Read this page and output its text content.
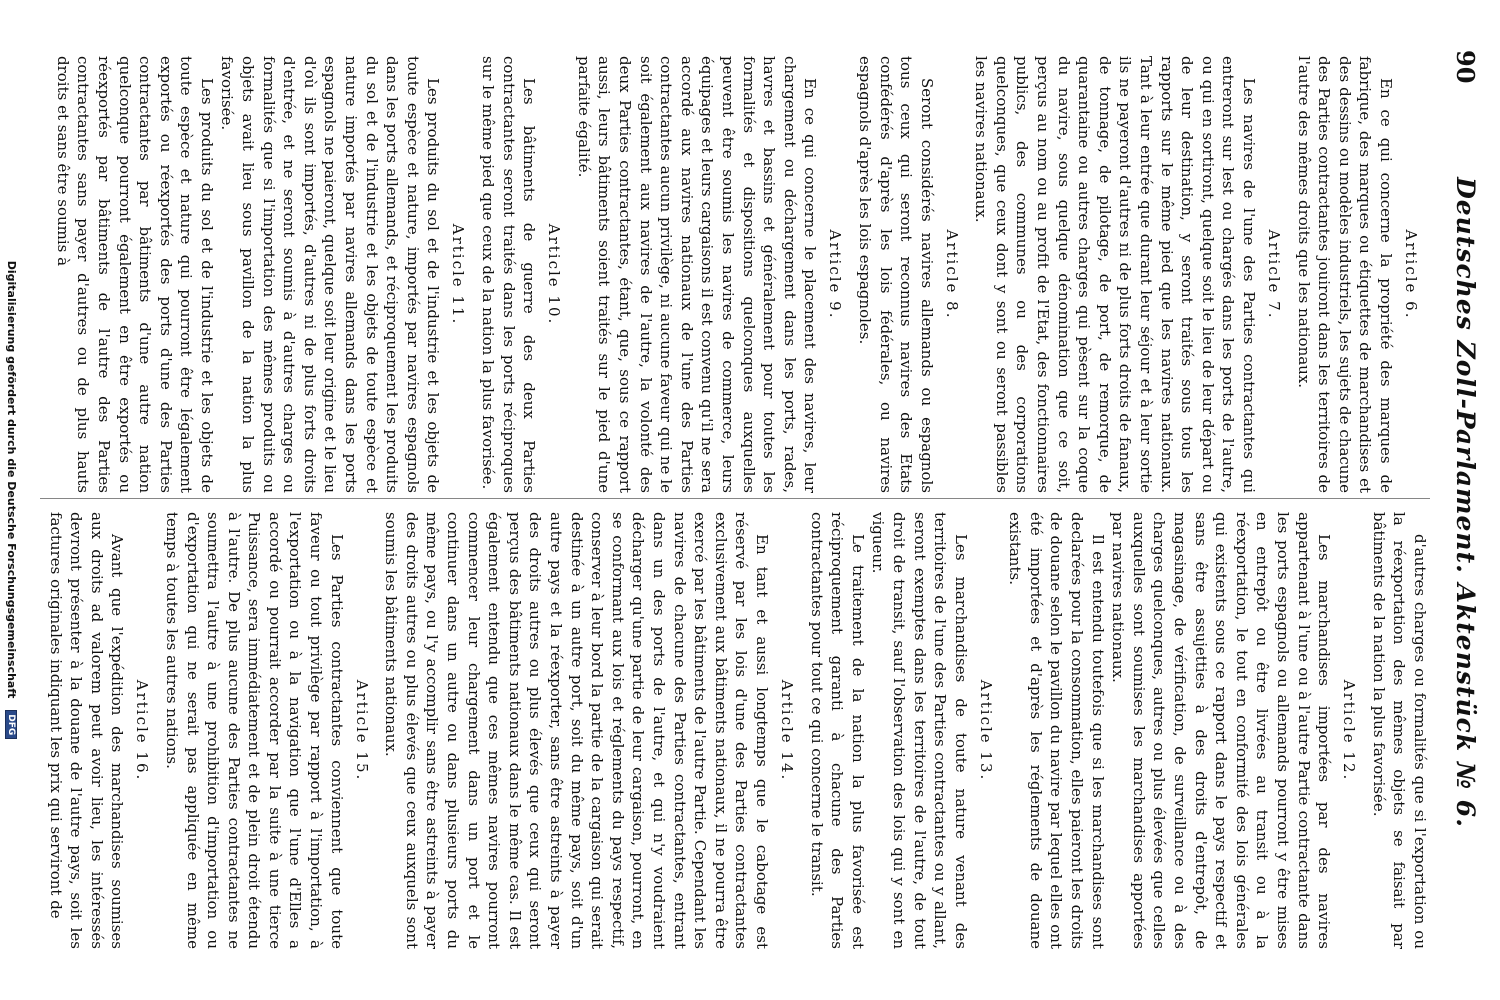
90
Deutsches Zoll-Parlament. Aktenstück № 6.
Article 6.

En ce qui concerne la propriété des marques de fabrique, des marques ou étiquettes de marchandises et des dessins ou modèles industriels, les sujets de chacune des Parties contractantes jouiront dans les territoires de l'autre des mêmes droits que les nationaux.

Article 7.

Les navires de l'une des Parties contractantes qui entreront sur lest ou chargés dans les ports de l'autre, ou qui en sortiront, quelque soit le lieu de leur départ ou de leur destination, y seront traités sous tous les rapports sur le même pied que les navires nationaux. Tant à leur entrée que durant leur séjour et à leur sortie ils ne payeront d'autres ni de plus forts droits de fanaux, de tonnage, de pilotage, de port, de remorque, de quarantaine ou autres charges qui pèsent sur la coque du navire, sous quelque dénomination que ce soit, perçus au nom ou au profit de l'Etat, des fonctionnaires publics, des communes ou des corporations quelconques, que ceux dont y sont ou seront passibles les navires nationaux.

Article 8.

Seront considérés navires allemands ou espagnols tous ceux qui seront reconnus navires des Etats confédérés d'après les lois fédérales, ou navires espagnols d'après les lois espagnoles.

Article 9.

En ce qui concerne le placement des navires, leur chargement ou déchargement dans les ports, rades, havres et bassins et généralement pour toutes les formalités et dispositions quelconques auxquelles peuvent être soumis les navires de commerce, leurs équipages et leurs cargaisons il est convenu qu'il ne sera accordé aux navires nationaux de l'une des Parties contractantes aucun privilège, ni aucune faveur qui ne le soit également aux navires de l'autre, la volonté des deux Parties contractantes, étant, que, sous ce rapport aussi, leurs bâtiments soient traités sur le pied d'une parfaite égalité.

Article 10.

Les bâtiments de guerre des deux Parties contractantes seront traités dans les ports réciproques sur le même pied que ceux de la nation la plus favorisée.

Article 11.

Les produits du sol et de l'industrie et les objets de toute espèce et nature, importés par navires espagnols dans les ports allemands, et réciproquement les produits du sol et de l'industrie et les objets de toute espèce et nature importés par navires allemands dans les ports espagnols ne paieront, quelque soit leur origine et le lieu d'où ils sont importés, d'autres ni de plus forts droits d'entrée, et ne seront soumis à d'autres charges ou formalités que si l'importation des mêmes produits ou objets avait lieu sous pavillon de la nation la plus favorisée.

Les produits du sol et de l'industrie et les objets de toute espèce et nature qui pourront être légalement exportés ou réexportés des ports d'une des Parties contractantes par bâtiments d'une autre nation quelconque pourront également en être exportés ou réexportés par bâtiments de l'autre des Parties contractantes sans payer d'autres ou de plus hauts droits et sans être soumis à

d'autres charges ou formalités que si l'exportation ou la réexportation des mêmes objets se faisait par bâtiments de la nation la plus favorisée.

Article 12.

Les marchandises importées par des navires appartenant à l'une ou à l'autre Partie contractante dans les ports espagnols ou allemands pourront y être mises en entrepôt ou être livrées au transit ou à la réexportation, le tout en conformité des lois générales qui existents sous ce rapport dans le pays respectif et sans être assujetties à des droits d'entrepôt, de magasinage, de vérification, de surveillance ou à des charges quelconques, autres ou plus élevées que celles auxquelles sont soumises les marchandises apportées par navires nationaux.

Il est entendu toutefois que si les marchandises sont declarées pour la consommation, elles paieront les droits de douane selon le pavillon du navire par lequel elles ont été importées et d'après les réglements de douane existants.

Article 13.

Les marchandises de toute nature venant des territoires de l'une des Parties contractantes ou y allant, seront exemptes dans les territoires de l'autre, de tout droit de transit, sauf l'observation des lois qui y sont en vigueur.

Le traitement de la nation la plus favorisée est réciproquement garanti à chacune des Parties contractantes pour tout ce qui concerne le transit.

Article 14.

En tant et aussi longtemps que le cabotage est réservé par les lois d'une des Parties contractantes exclusivement aux bâtiments nationaux, il ne pourra être exercé par les bâtiments de l'autre Partie. Cependant les navires de chacune des Parties contractantes, entrant dans un des ports de l'autre, et qui n'y voudraient décharger qu'une partie de leur cargaison, pourront, en se conformant aux lois et réglements du pays respectif, conserver à leur bord la partie de la cargaison qui serait destinée à un autre port, soit du même pays, soit d'un autre pays et la réexporter, sans être astreints à payer des droits autres ou plus élevés que ceux qui seront perçus des bâtiments nationaux dans le même cas. Il est également entendu que ces mêmes navires pourront commencer leur chargement dans un port et le continuer dans un autre ou dans plusieurs ports du même pays, ou l'y accomplir sans être astreints à payer des droits autres ou plus élevés que ceux auxquels sont soumis les bâtiments nationaux.

Article 15.

Les Parties contractantes conviennent que toute faveur ou tout privilège par rapport à l'importation, à l'exportation ou à la navigation que l'une d'Elles a accordé ou pourrait accorder par la suite à une tierce Puissance, sera immédiatement et de plein droit étendu à l'autre. De plus aucune des Parties contractantes ne soumettra l'autre à une prohibition d'importation ou d'exportation qui ne serait pas appliquée en même temps à toutes les autres nations.

Article 16.

Avant que l'expédition des marchandises soumises aux droits ad valorem peut avoir lieu, les intéressés devront présenter à la douane de l'autre pays, soit les factures originales indiquant les prix qui serviront de

Digitalisierung gefördert durch die Deutsche Forschungsgemeinschaft DFG
